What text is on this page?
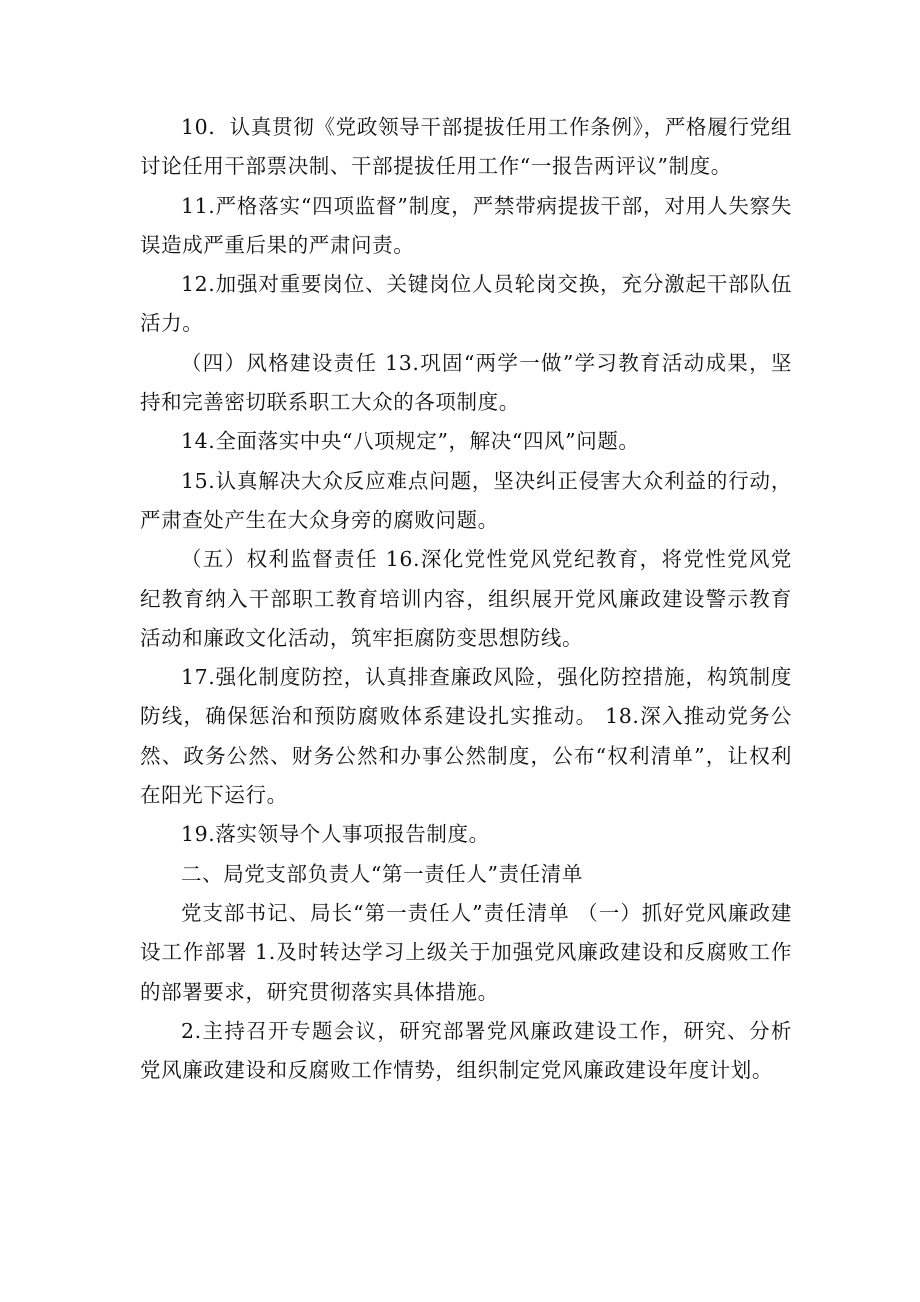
10．认真贯彻《党政领导干部提拔任用工作条例》，严格履行党组讨论任用干部票决制、干部提拔任用工作“一报告两评议”制度。

11.严格落实“四项监督”制度，严禁带病提拔干部，对用人失察失误造成严重后果的严肃问责。

12.加强对重要岗位、关键岗位人员轮岗交换，充分激起干部队伍活力。

（四）风格建设责任 13.巩固“两学一做”学习教育活动成果，坚持和完善密切联系职工大众的各项制度。

14.全面落实中央“八项规定”，解决“四风”问题。

15.认真解决大众反应难点问题，坚决纠正侵害大众利益的行动，严肃查处产生在大众身旁的腐败问题。

（五）权利监督责任 16.深化党性党风党纪教育，将党性党风党纪教育纳入干部职工教育培训内容，组织展开党风廉政建设警示教育活动和廉政文化活动，筑牢拒腐防变思想防线。

17.强化制度防控，认真排查廉政风险，强化防控措施，构筑制度防线，确保惩治和预防腐败体系建设扎实推动。 18.深入推动党务公然、政务公然、财务公然和办事公然制度，公布“权利清单”，让权利在阳光下运行。

19.落实领导个人事项报告制度。

二、局党支部负责人“第一责任人”责任清单

党支部书记、局长“第一责任人”责任清单 （一）抓好党风廉政建设工作部署 1.及时转达学习上级关于加强党风廉政建设和反腐败工作的部署要求，研究贯彻落实具体措施。

2.主持召开专题会议，研究部署党风廉政建设工作，研究、分析党风廉政建设和反腐败工作情势，组织制定党风廉政建设年度计划。
